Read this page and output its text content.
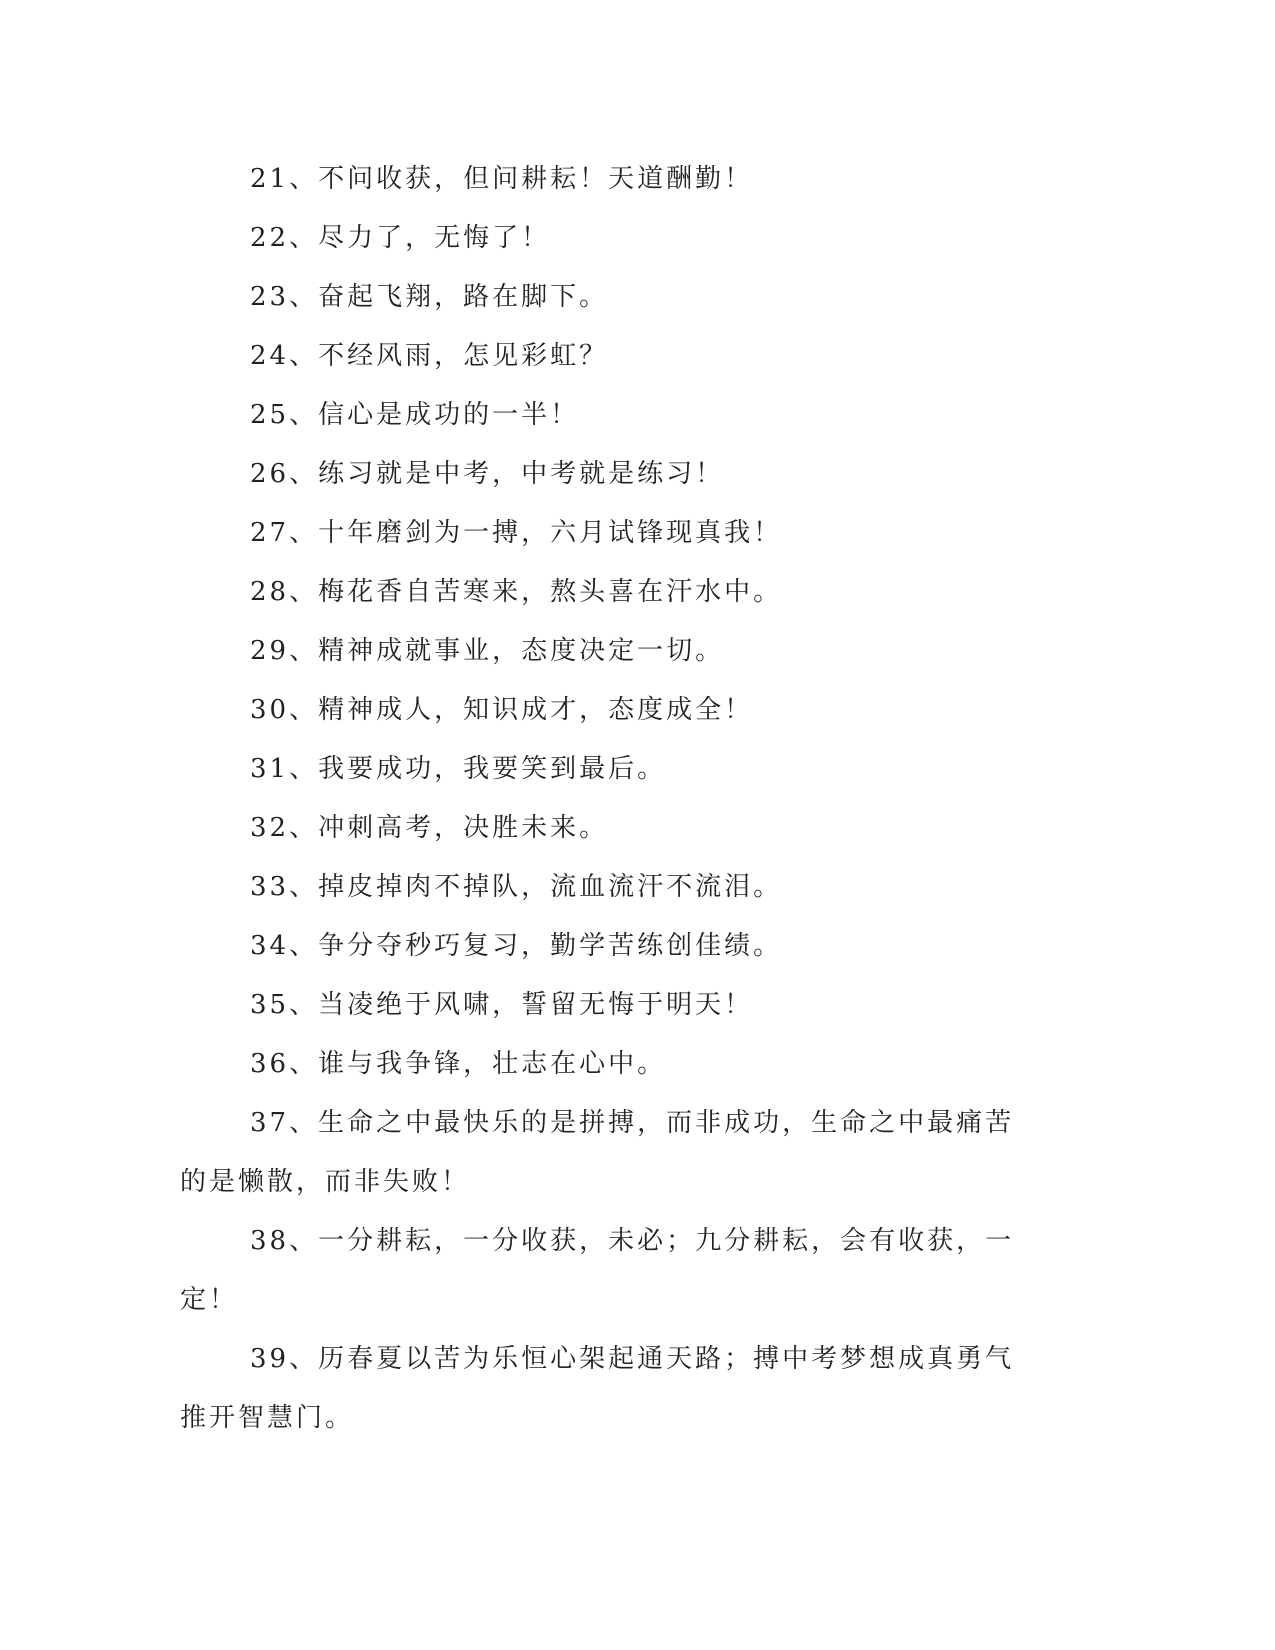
21、不问收获，但问耕耘！天道酬勤！

22、尽力了，无悔了！

23、奋起飞翔，路在脚下。

24、不经风雨，怎见彩虹？

25、信心是成功的一半！

26、练习就是中考，中考就是练习！

27、十年磨剑为一搏，六月试锋现真我！

28、梅花香自苦寒来，熬头喜在汗水中。

29、精神成就事业，态度决定一切。

30、精神成人，知识成才，态度成全！

31、我要成功，我要笑到最后。

32、冲刺高考，决胜未来。

33、掉皮掉肉不掉队，流血流汗不流泪。

34、争分夺秒巧复习，勤学苦练创佳绩。

35、当凌绝于风啸，誓留无悔于明天！

36、谁与我争锋，壮志在心中。

37、生命之中最快乐的是拼搏，而非成功，生命之中最痛苦的是懒散，而非失败！

38、一分耕耘，一分收获，未必；九分耕耘，会有收获，一定！

39、历春夏以苦为乐恒心架起通天路；搏中考梦想成真勇气推开智慧门。
